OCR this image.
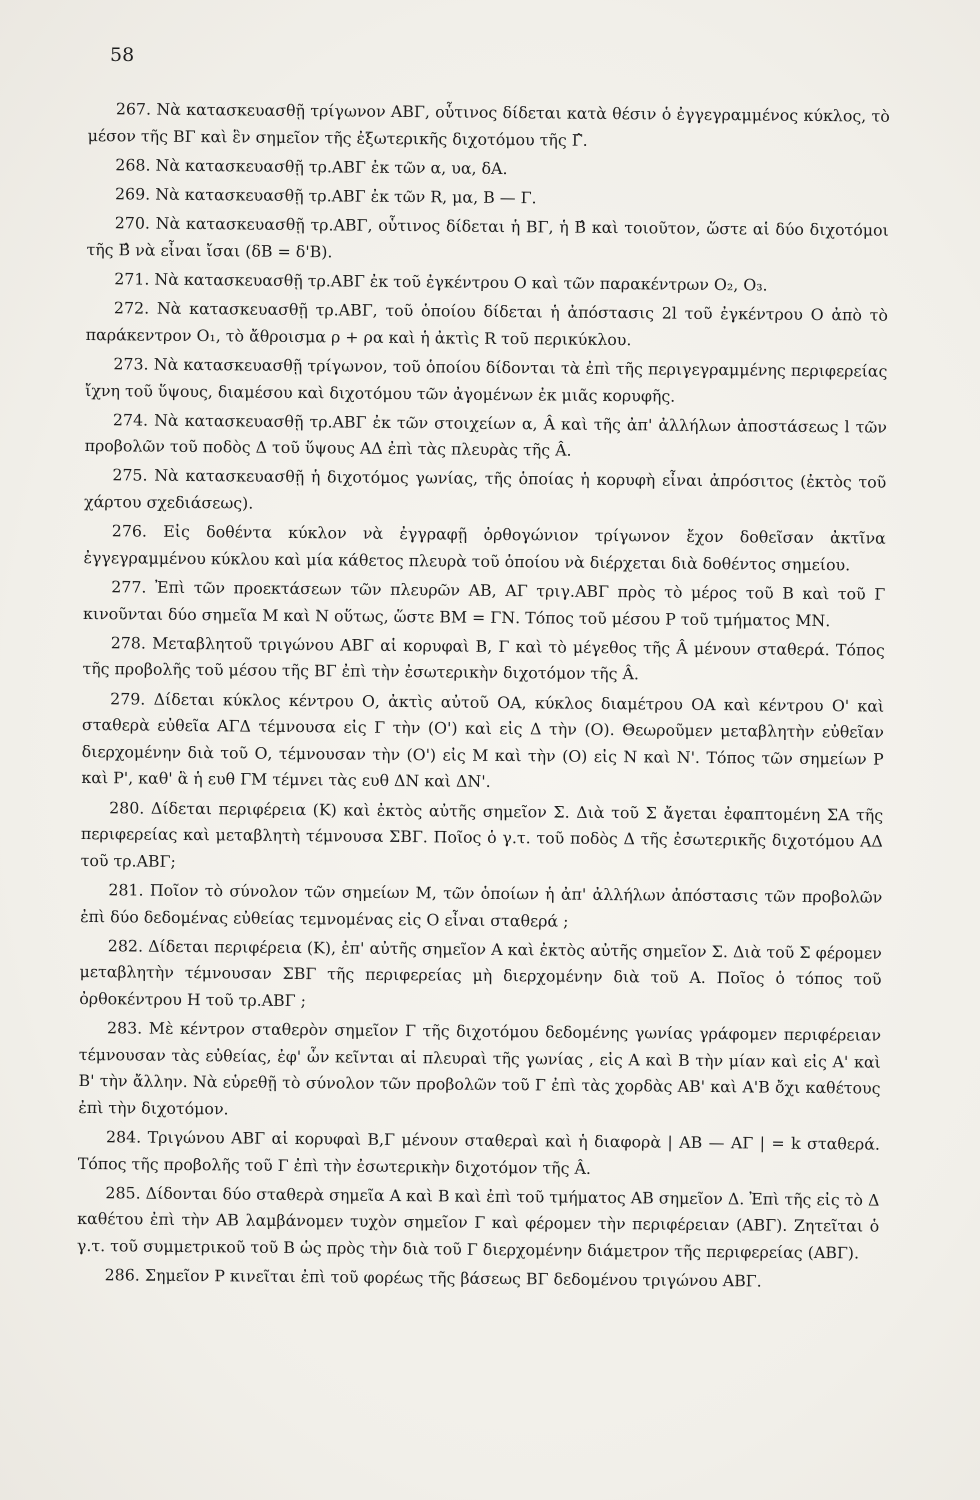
58

267. Νὰ κατασκευασθῇ τρίγωνον ΑΒΓ, οὗτινος δίδεται κατὰ θέσιν ὁ ἐγγεγραμμένος κύκλος, τὸ μέσον τῆς ΒΓ καὶ ἓν σημεῖον τῆς ἐξωτερικῆς διχοτόμου τῆς Γ̂.

268. Νὰ κατασκευασθῇ τρ.ΑΒΓ ἐκ τῶν α, υα, δΑ.

269. Νὰ κατασκευασθῇ τρ.ΑΒΓ ἐκ τῶν R, μα, Β — Γ.

270. Νὰ κατασκευασθῇ τρ.ΑΒΓ, οὗτινος δίδεται ἡ ΒΓ, ἡ Β̂ καὶ τοιοῦτον, ὥστε αἱ δύο διχοτόμοι τῆς Β̂ νὰ εἶναι ἴσαι (δΒ = δ'Β).

271. Νὰ κατασκευασθῇ τρ.ΑΒΓ ἐκ τοῦ ἐγκέντρου Ο καὶ τῶν παρακέντρων Ο₂, Ο₃.

272. Νὰ κατασκευασθῇ τρ.ΑΒΓ, τοῦ ὁποίου δίδεται ἡ ἀπόστασις 2l τοῦ ἐγκέντρου Ο ἀπὸ τὸ παράκεντρον Ο₁, τὸ ἄθροισμα ρ + ρα καὶ ἡ ἀκτὶς R τοῦ περικύκλου.

273. Νὰ κατασκευασθῇ τρίγωνον, τοῦ ὁποίου δίδονται τὰ ἐπὶ τῆς περιγεγραμμένης περιφερείας ἴχνη τοῦ ὕψους, διαμέσου καὶ διχοτόμου τῶν ἀγομένων ἐκ μιᾶς κορυφῆς.

274. Νὰ κατασκευασθῇ τρ.ΑΒΓ ἐκ τῶν στοιχείων α, Â καὶ τῆς ἀπ' ἀλλήλων ἀποστάσεως l τῶν προβολῶν τοῦ ποδὸς Δ τοῦ ὕψους ΑΔ ἐπὶ τὰς πλευρὰς τῆς Â.

275. Νὰ κατασκευασθῇ ἡ διχοτόμος γωνίας, τῆς ὁποίας ἡ κορυφὴ εἶναι ἀπρόσιτος (ἐκτὸς τοῦ χάρτου σχεδιάσεως).

276. Εἰς δοθέντα κύκλον νὰ ἐγγραφῇ ὀρθογώνιον τρίγωνον ἔχον δοθεῖσαν ἀκτῖνα ἐγγεγραμμένου κύκλου καὶ μία κάθετος πλευρὰ τοῦ ὁποίου νὰ διέρχεται διὰ δοθέντος σημείου.

277. Ἐπὶ τῶν προεκτάσεων τῶν πλευρῶν ΑΒ, ΑΓ τριγ.ΑΒΓ πρὸς τὸ μέρος τοῦ Β καὶ τοῦ Γ κινοῦνται δύο σημεῖα Μ καὶ Ν οὕτως, ὥστε ΒΜ = ΓΝ. Τόπος τοῦ μέσου Ρ τοῦ τμήματος ΜΝ.

278. Μεταβλητοῦ τριγώνου ΑΒΓ αἱ κορυφαὶ Β, Γ καὶ τὸ μέγεθος τῆς Â μένουν σταθερά. Τόπος τῆς προβολῆς τοῦ μέσου τῆς ΒΓ ἐπὶ τὴν ἐσωτερικὴν διχοτόμον τῆς Â.

279. Δίδεται κύκλος κέντρου Ο, ἀκτὶς αὐτοῦ ΟΑ, κύκλος διαμέτρου ΟΑ καὶ κέντρου Ο' καὶ σταθερὰ εὐθεῖα ΑΓΔ τέμνουσα εἰς Γ τὴν (Ο') καὶ εἰς Δ τὴν (Ο). Θεωροῦμεν μεταβλητὴν εὐθεῖαν διερχομένην διὰ τοῦ Ο, τέμνουσαν τὴν (Ο') εἰς Μ καὶ τὴν (Ο) εἰς Ν καὶ Ν'. Τόπος τῶν σημείων Ρ καὶ Ρ', καθ' ἃ ἡ ευθ ΓΜ τέμνει τὰς ευθ ΔΝ καὶ ΔΝ'.

280. Δίδεται περιφέρεια (Κ) καὶ ἐκτὸς αὐτῆς σημεῖον Σ. Διὰ τοῦ Σ ἄγεται ἐφαπτομένη ΣΑ τῆς περιφερείας καὶ μεταβλητὴ τέμνουσα ΣΒΓ. Ποῖος ὁ γ.τ. τοῦ ποδὸς Δ τῆς ἐσωτερικῆς διχοτόμου ΑΔ τοῦ τρ.ΑΒΓ;

281. Ποῖον τὸ σύνολον τῶν σημείων Μ, τῶν ὁποίων ἡ ἀπ' ἀλλήλων ἀπόστασις τῶν προβολῶν ἐπὶ δύο δεδομένας εὐθείας τεμνομένας εἰς Ο εἶναι σταθερά ;

282. Δίδεται περιφέρεια (Κ), ἐπ' αὐτῆς σημεῖον Α καὶ ἐκτὸς αὐτῆς σημεῖον Σ. Διὰ τοῦ Σ φέρομεν μεταβλητὴν τέμνουσαν ΣΒΓ τῆς περιφερείας μὴ διερχομένην διὰ τοῦ Α. Ποῖος ὁ τόπος τοῦ ὀρθοκέντρου Η τοῦ τρ.ΑΒΓ ;

283. Μὲ κέντρον σταθερὸν σημεῖον Γ τῆς διχοτόμου δεδομένης γωνίας γράφομεν περιφέρειαν τέμνουσαν τὰς εὐθείας, ἐφ' ὧν κεῖνται αἱ πλευραὶ τῆς γωνίας , εἰς Α καὶ Β τὴν μίαν καὶ εἰς Α' καὶ Β' τὴν ἄλλην. Νὰ εὑρεθῇ τὸ σύνολον τῶν προβολῶν τοῦ Γ ἐπὶ τὰς χορδὰς ΑΒ' καὶ Α'Β ὄχι καθέτους ἐπὶ τὴν διχοτόμον.

284. Τριγώνου ΑΒΓ αἱ κορυφαὶ Β,Γ μένουν σταθεραὶ καὶ ἡ διαφορὰ | ΑΒ — ΑΓ | = k σταθερά. Τόπος τῆς προβολῆς τοῦ Γ ἐπὶ τὴν ἐσωτερικὴν διχοτόμον τῆς Â.

285. Δίδονται δύο σταθερὰ σημεῖα Α καὶ Β καὶ ἐπὶ τοῦ τμήματος ΑΒ σημεῖον Δ. Ἐπὶ τῆς εἰς τὸ Δ καθέτου ἐπὶ τὴν ΑΒ λαμβάνομεν τυχὸν σημεῖον Γ καὶ φέρομεν τὴν περιφέρειαν (ΑΒΓ). Ζητεῖται ὁ γ.τ. τοῦ συμμετρικοῦ τοῦ Β ὡς πρὸς τὴν διὰ τοῦ Γ διερχομένην διάμετρον τῆς περιφερείας (ΑΒΓ).

286. Σημεῖον Ρ κινεῖται ἐπὶ τοῦ φορέως τῆς βάσεως ΒΓ δεδομένου τριγώνου ΑΒΓ.
